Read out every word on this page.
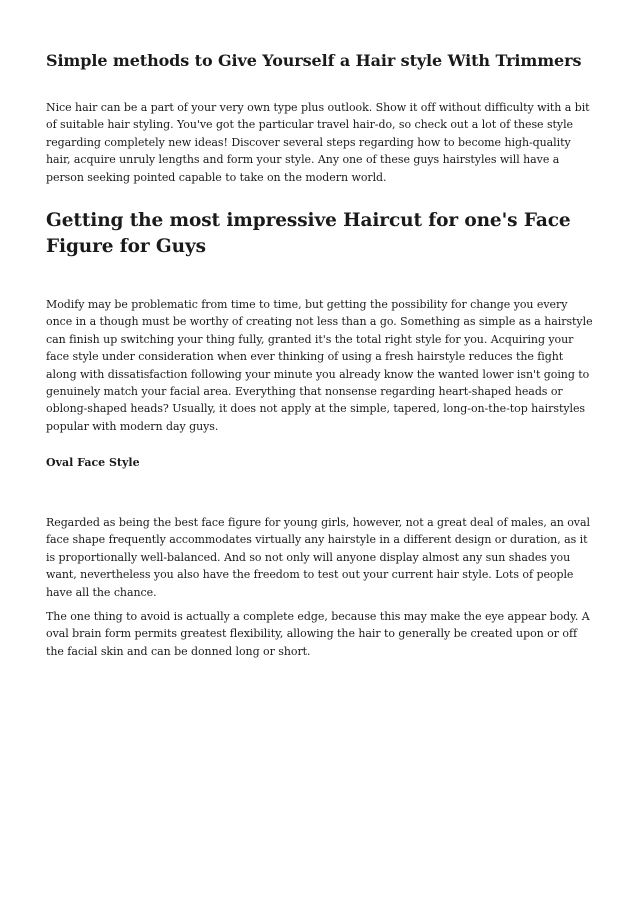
Simple methods to Give Yourself a Hair style With Trimmers

Nice hair can be a part of your very own type plus outlook. Show it off without difficulty with a bit of suitable hair styling. You've got the particular travel hair-do, so check out a lot of these style regarding completely new ideas! Discover several steps regarding how to become high-quality hair, acquire unruly lengths and form your style. Any one of these guys hairstyles will have a person seeking pointed capable to take on the modern world.

Getting the most impressive Haircut for one's Face Figure for Guys

Modify may be problematic from time to time, but getting the possibility for change you every once in a though must be worthy of creating not less than a go. Something as simple as a hairstyle can finish up switching your thing fully, granted it's the total right style for you. Acquiring your face style under consideration when ever thinking of using a fresh hairstyle reduces the fight along with dissatisfaction following your minute you already know the wanted lower isn't going to genuinely match your facial area. Everything that nonsense regarding heart-shaped heads or oblong-shaped heads? Usually, it does not apply at the simple, tapered, long-on-the-top hairstyles popular with modern day guys.

Oval Face Style

Regarded as being the best face figure for young girls, however, not a great deal of males, an oval face shape frequently accommodates virtually any hairstyle in a different design or duration, as it is proportionally well-balanced. And so not only will anyone display almost any sun shades you want, nevertheless you also have the freedom to test out your current hair style. Lots of people have all the chance.

The one thing to avoid is actually a complete edge, because this may make the eye appear body. A oval brain form permits greatest flexibility, allowing the hair to generally be created upon or off the facial skin and can be donned long or short.
